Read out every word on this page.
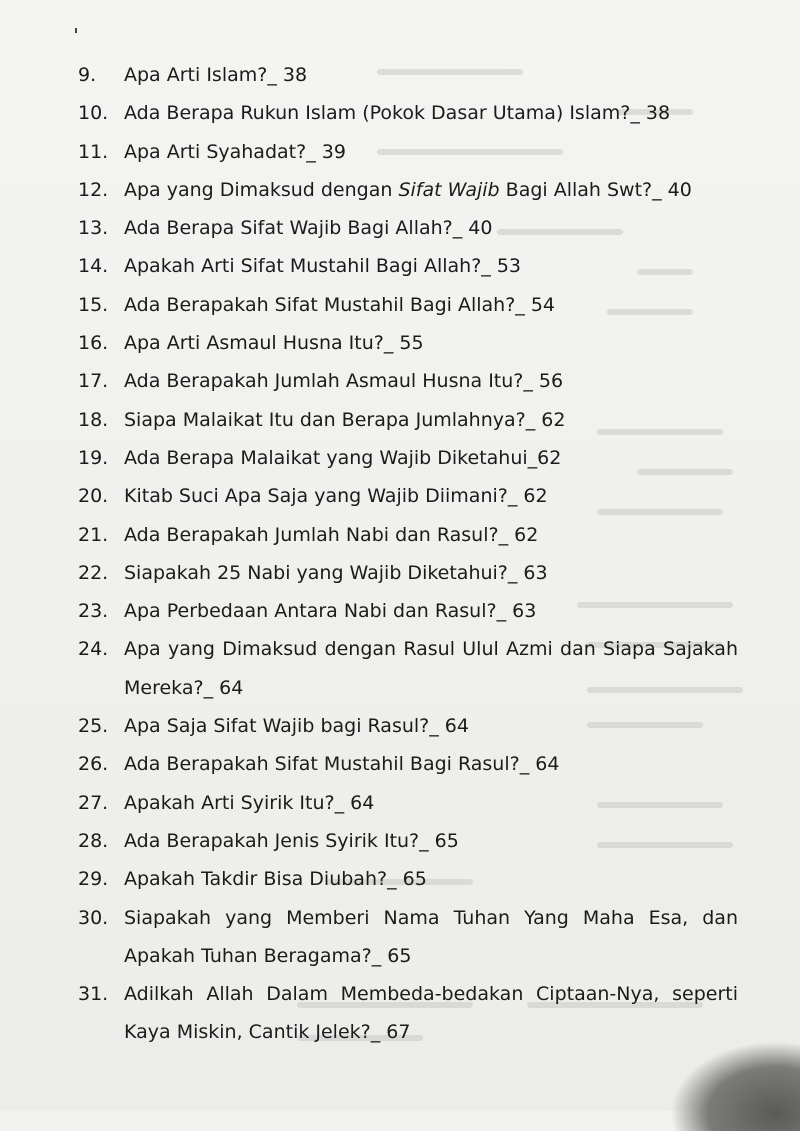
9.	Apa Arti Islam?_ 38
10. Ada Berapa Rukun Islam (Pokok Dasar Utama) Islam?_ 38
11. Apa Arti Syahadat?_ 39
12. Apa yang Dimaksud dengan Sifat Wajib Bagi Allah Swt?_ 40
13. Ada Berapa Sifat Wajib Bagi Allah?_ 40
14. Apakah Arti Sifat Mustahil Bagi Allah?_ 53
15. Ada Berapakah Sifat Mustahil Bagi Allah?_ 54
16. Apa Arti Asmaul Husna Itu?_ 55
17. Ada Berapakah Jumlah Asmaul Husna Itu?_ 56
18. Siapa Malaikat Itu dan Berapa Jumlahnya?_ 62
19. Ada Berapa Malaikat yang Wajib Diketahui_62
20. Kitab Suci Apa Saja yang Wajib Diimani?_ 62
21. Ada Berapakah Jumlah Nabi dan Rasul?_ 62
22. Siapakah 25 Nabi yang Wajib Diketahui?_ 63
23. Apa Perbedaan Antara Nabi dan Rasul?_ 63
24. Apa yang Dimaksud dengan Rasul Ulul Azmi dan Siapa Sajakah Mereka?_ 64
25. Apa Saja Sifat Wajib bagi Rasul?_ 64
26. Ada Berapakah Sifat Mustahil Bagi Rasul?_ 64
27. Apakah Arti Syirik Itu?_ 64
28. Ada Berapakah Jenis Syirik Itu?_ 65
29. Apakah Takdir Bisa Diubah?_ 65
30. Siapakah yang Memberi Nama Tuhan Yang Maha Esa, dan Apakah Tuhan Beragama?_ 65
31. Adilkah Allah Dalam Membeda-bedakan Ciptaan-Nya, seperti Kaya Miskin, Cantik Jelek?_ 67
